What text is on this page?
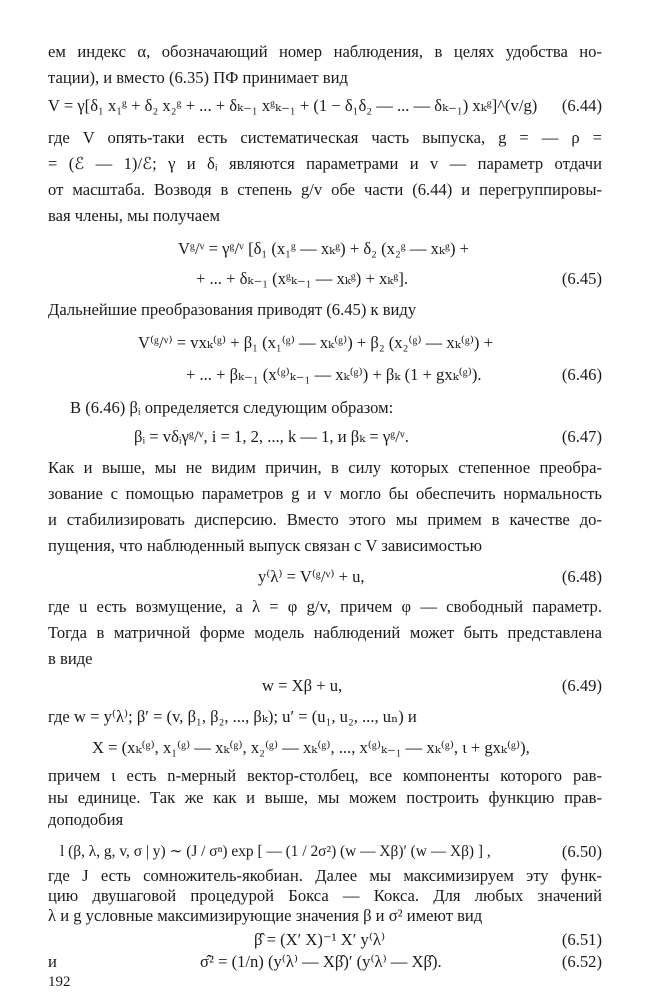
ем индекс α, обозначающий номер наблюдения, в целях удобства но-
тации), и вместо (6.35) ПФ принимает вид
V = γ[δ₁ x₁ᵍ + δ₂ x₂ᵍ + ... + δₖ₋₁ xᵍₖ₋₁ + (1 − δ₁δ₂ — ... — δₖ₋₁) xₖᵍ]^(v/g)	(6.44)
где V опять-таки есть систематическая часть выпуска, g = — ρ =
= (ℰ — 1)/ℰ; γ и δᵢ являются параметрами и v — параметр отдачи
от масштаба. Возводя в степень g/v обе части (6.44) и перегруппировы-
вая члены, мы получаем
Vᵍ/ᵛ = γᵍ/ᵛ [δ₁ (x₁ᵍ — xₖᵍ) + δ₂ (x₂ᵍ — xₖᵍ) +
+ ... + δₖ₋₁ (xᵍₖ₋₁ — xₖᵍ) + xₖᵍ].	(6.45)
Дальнейшие преобразования приводят (6.45) к виду
V⁽ᵍ/ᵛ⁾ = vxₖ⁽ᵍ⁾ + β₁ (x₁⁽ᵍ⁾ — xₖ⁽ᵍ⁾) + β₂ (x₂⁽ᵍ⁾ — xₖ⁽ᵍ⁾) +
+ ... + βₖ₋₁ (x⁽ᵍ⁾ₖ₋₁ — xₖ⁽ᵍ⁾) + βₖ (1 + gxₖ⁽ᵍ⁾).	(6.46)
В (6.46) βᵢ определяется следующим образом:
βᵢ = vδᵢγᵍ/ᵛ, i = 1, 2, ..., k — 1, и βₖ = γᵍ/ᵛ.	(6.47)
Как и выше, мы не видим причин, в силу которых степенное преобра-
зование с помощью параметров g и v могло бы обеспечить нормальность
и стабилизировать дисперсию. Вместо этого мы примем в качестве до-
пущения, что наблюденный выпуск связан с V зависимостью
y⁽λ⁾ = V⁽ᵍ/ᵛ⁾ + u,	(6.48)
где u есть возмущение, а λ = φ g/v, причем φ — свободный параметр.
Тогда в матричной форме модель наблюдений может быть представлена
в виде
w = Xβ + u,	(6.49)
где w = y⁽λ⁾; β′ = (v, β₁, β₂, ..., βₖ); u′ = (u₁, u₂, ..., uₙ) и
X = (xₖ⁽ᵍ⁾, x₁⁽ᵍ⁾ — xₖ⁽ᵍ⁾, x₂⁽ᵍ⁾ — xₖ⁽ᵍ⁾, ..., x⁽ᵍ⁾ₖ₋₁ — xₖ⁽ᵍ⁾, ι + gxₖ⁽ᵍ⁾),
причем ι есть n-мерный вектор-столбец, все компоненты которого рав-
ны единице. Так же как и выше, мы можем построить функцию прав-
доподобия
l (β, λ, g, v, σ | y) ∼ (J / σⁿ) exp [ — (1 / 2σ²) (w — Xβ)′ (w — Xβ) ] ,	(6.50)
где J есть сомножитель-якобиан. Далее мы максимизируем эту функ-
цию двушаговой процедурой Бокса — Кокса. Для любых значений
λ и g условные максимизирующие значения β и σ² имеют вид
β̂ = (X′ X)⁻¹ X′ y⁽λ⁾	(6.51)
и	σ̂² = (1/n) (y⁽λ⁾ — Xβ̂)′ (y⁽λ⁾ — Xβ̂).	(6.52)
192
